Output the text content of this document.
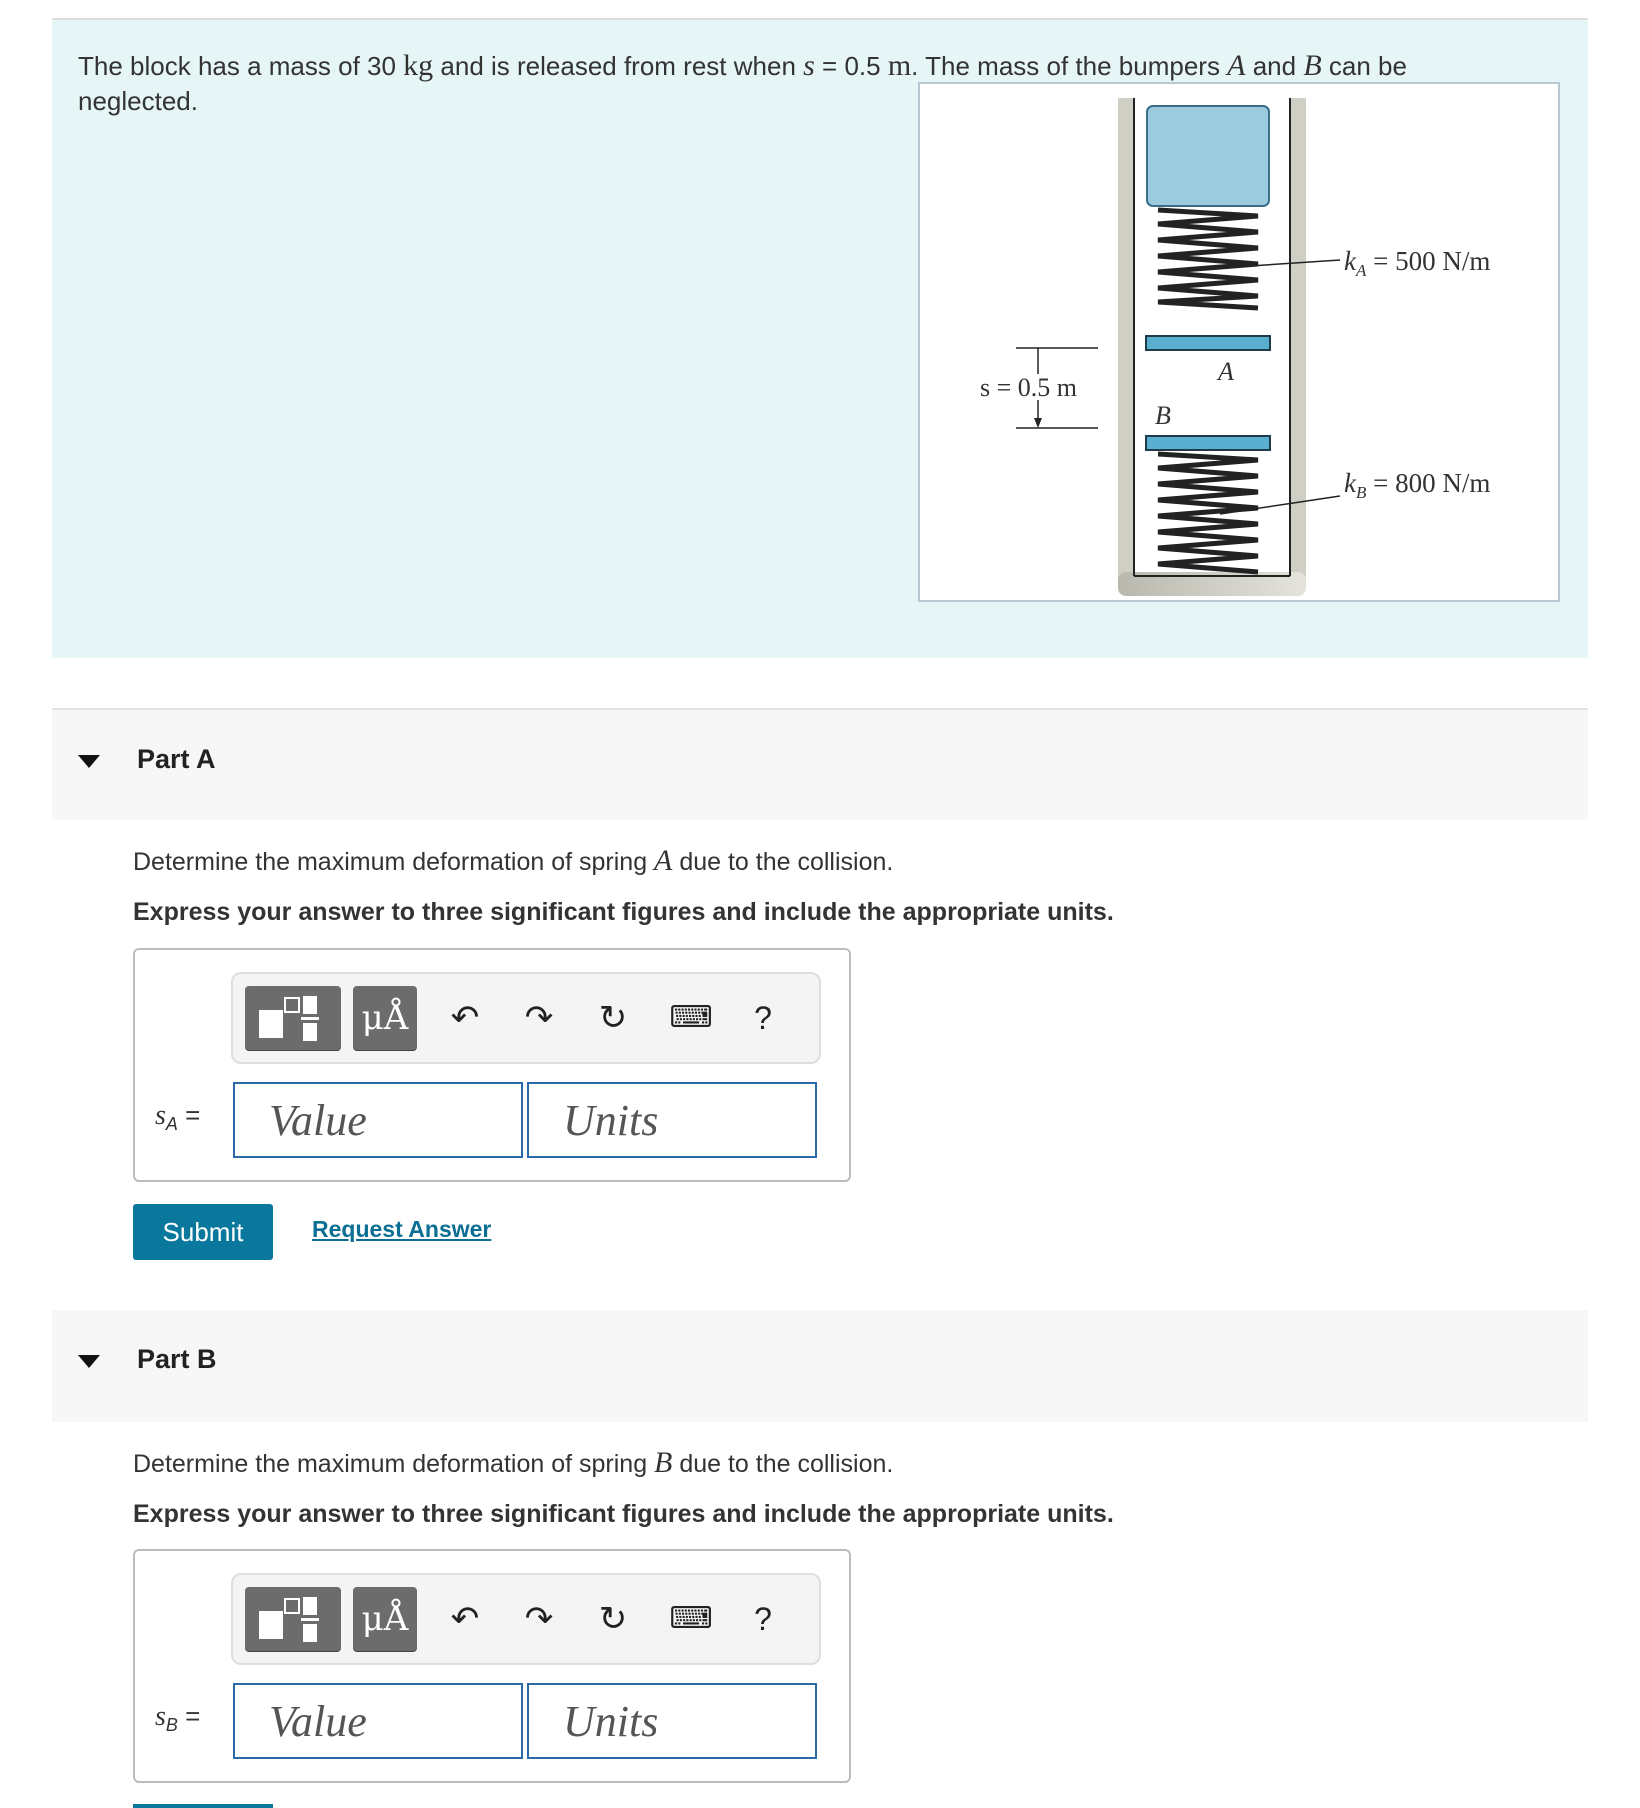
The block has a mass of 30 kg and is released from rest when s = 0.5 m. The mass of the bumpers A and B can be neglected.
A
B
$k_A = 500$ N/m
$k_B = 800$ N/m
s = 0.5 m
Part A
Determine the maximum deformation of spring A due to the collision.
Express your answer to three significant figures and include the appropriate units.
μÅ ↶ ↷ ↻ ⌨	?
$s_A$ =
Value
Units
Submit	Request Answer
Part B
Determine the maximum deformation of spring B due to the collision.
Express your answer to three significant figures and include the appropriate units.
μÅ ↶ ↷ ↻ ⌨	?
$s_B$ =
Value
Units
